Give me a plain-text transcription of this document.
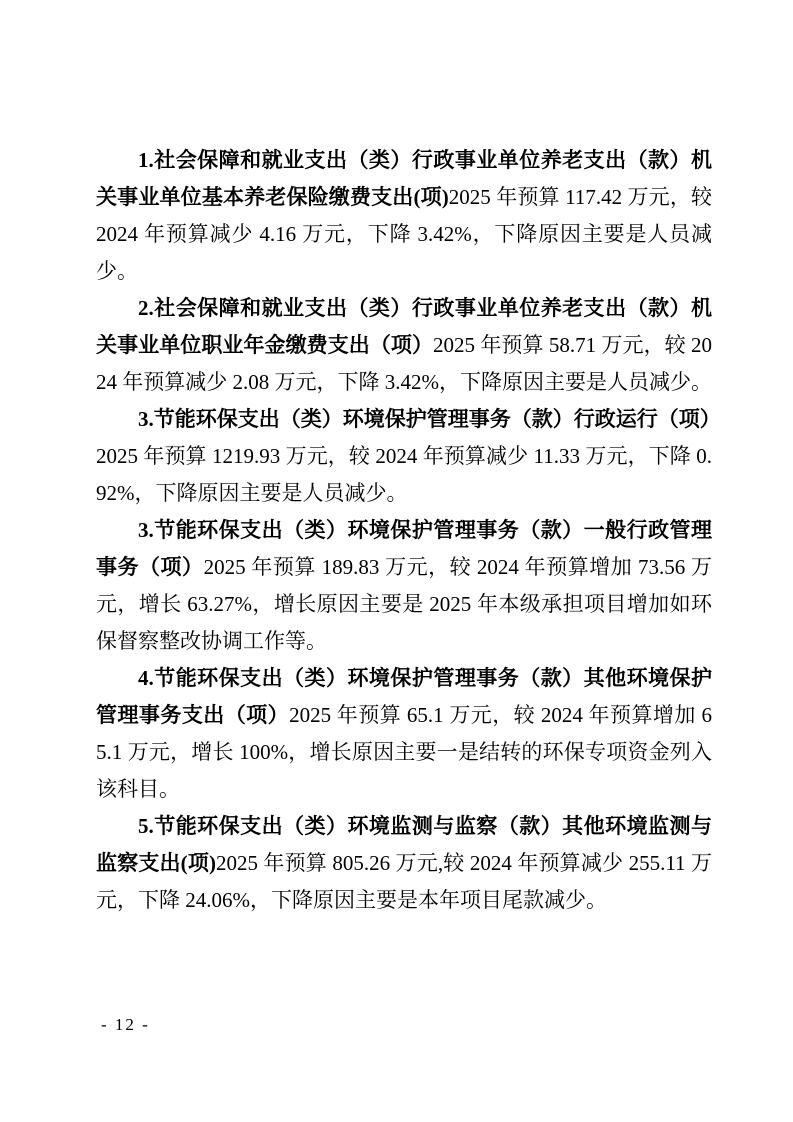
1.社会保障和就业支出（类）行政事业单位养老支出（款）机关事业单位基本养老保险缴费支出(项)2025 年预算 117.42 万元，较 2024 年预算减少 4.16 万元，下降 3.42%，下降原因主要是人员减少。

2.社会保障和就业支出（类）行政事业单位养老支出（款）机关事业单位职业年金缴费支出（项）2025 年预算 58.71 万元，较 2024 年预算减少 2.08 万元，下降 3.42%，下降原因主要是人员减少。

3.节能环保支出（类）环境保护管理事务（款）行政运行（项）2025 年预算 1219.93 万元，较 2024 年预算减少 11.33 万元，下降 0.92%，下降原因主要是人员减少。

3.节能环保支出（类）环境保护管理事务（款）一般行政管理事务（项）2025 年预算 189.83 万元，较 2024 年预算增加 73.56 万元，增长 63.27%，增长原因主要是 2025 年本级承担项目增加如环保督察整改协调工作等。

4.节能环保支出（类）环境保护管理事务（款）其他环境保护管理事务支出（项）2025 年预算 65.1 万元，较 2024 年预算增加 65.1 万元，增长 100%，增长原因主要一是结转的环保专项资金列入该科目。

5.节能环保支出（类）环境监测与监察（款）其他环境监测与监察支出(项)2025 年预算 805.26 万元,较 2024 年预算减少 255.11 万元，下降 24.06%，下降原因主要是本年项目尾款减少。

- 12 -
